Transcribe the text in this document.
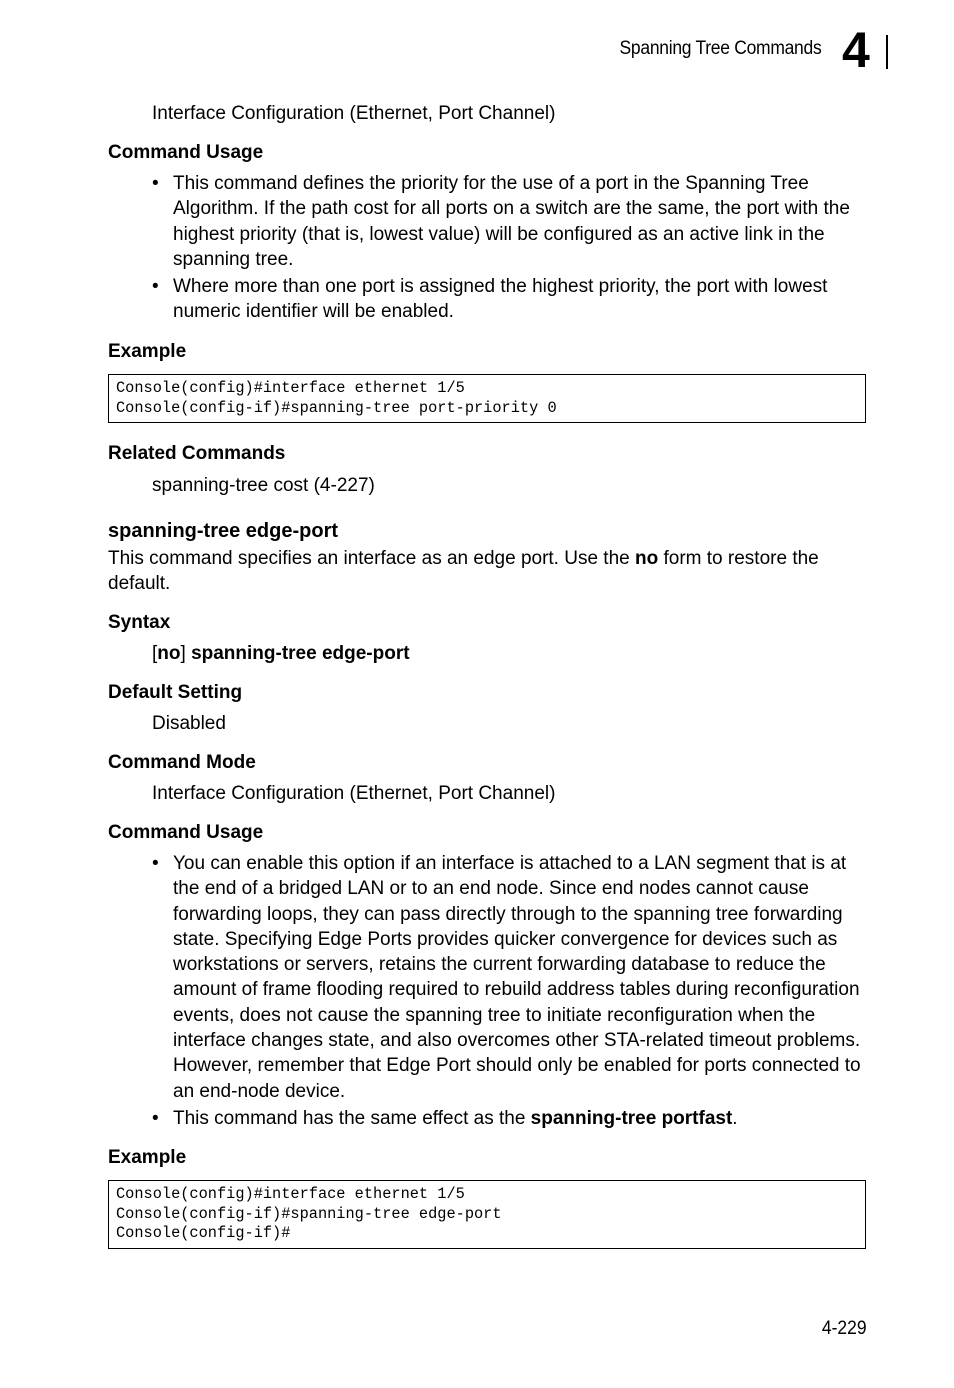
Spanning Tree Commands 4
Interface Configuration (Ethernet, Port Channel)
Command Usage
• This command defines the priority for the use of a port in the Spanning Tree Algorithm. If the path cost for all ports on a switch are the same, the port with the highest priority (that is, lowest value) will be configured as an active link in the spanning tree.
• Where more than one port is assigned the highest priority, the port with lowest numeric identifier will be enabled.
Example
Console(config)#interface ethernet 1/5
Console(config-if)#spanning-tree port-priority 0
Related Commands
spanning-tree cost (4-227)
spanning-tree edge-port
This command specifies an interface as an edge port. Use the no form to restore the default.
Syntax
[no] spanning-tree edge-port
Default Setting
Disabled
Command Mode
Interface Configuration (Ethernet, Port Channel)
Command Usage
• You can enable this option if an interface is attached to a LAN segment that is at the end of a bridged LAN or to an end node. Since end nodes cannot cause forwarding loops, they can pass directly through to the spanning tree forwarding state. Specifying Edge Ports provides quicker convergence for devices such as workstations or servers, retains the current forwarding database to reduce the amount of frame flooding required to rebuild address tables during reconfiguration events, does not cause the spanning tree to initiate reconfiguration when the interface changes state, and also overcomes other STA-related timeout problems. However, remember that Edge Port should only be enabled for ports connected to an end-node device.
• This command has the same effect as the spanning-tree portfast.
Example
Console(config)#interface ethernet 1/5
Console(config-if)#spanning-tree edge-port
Console(config-if)#
4-229
